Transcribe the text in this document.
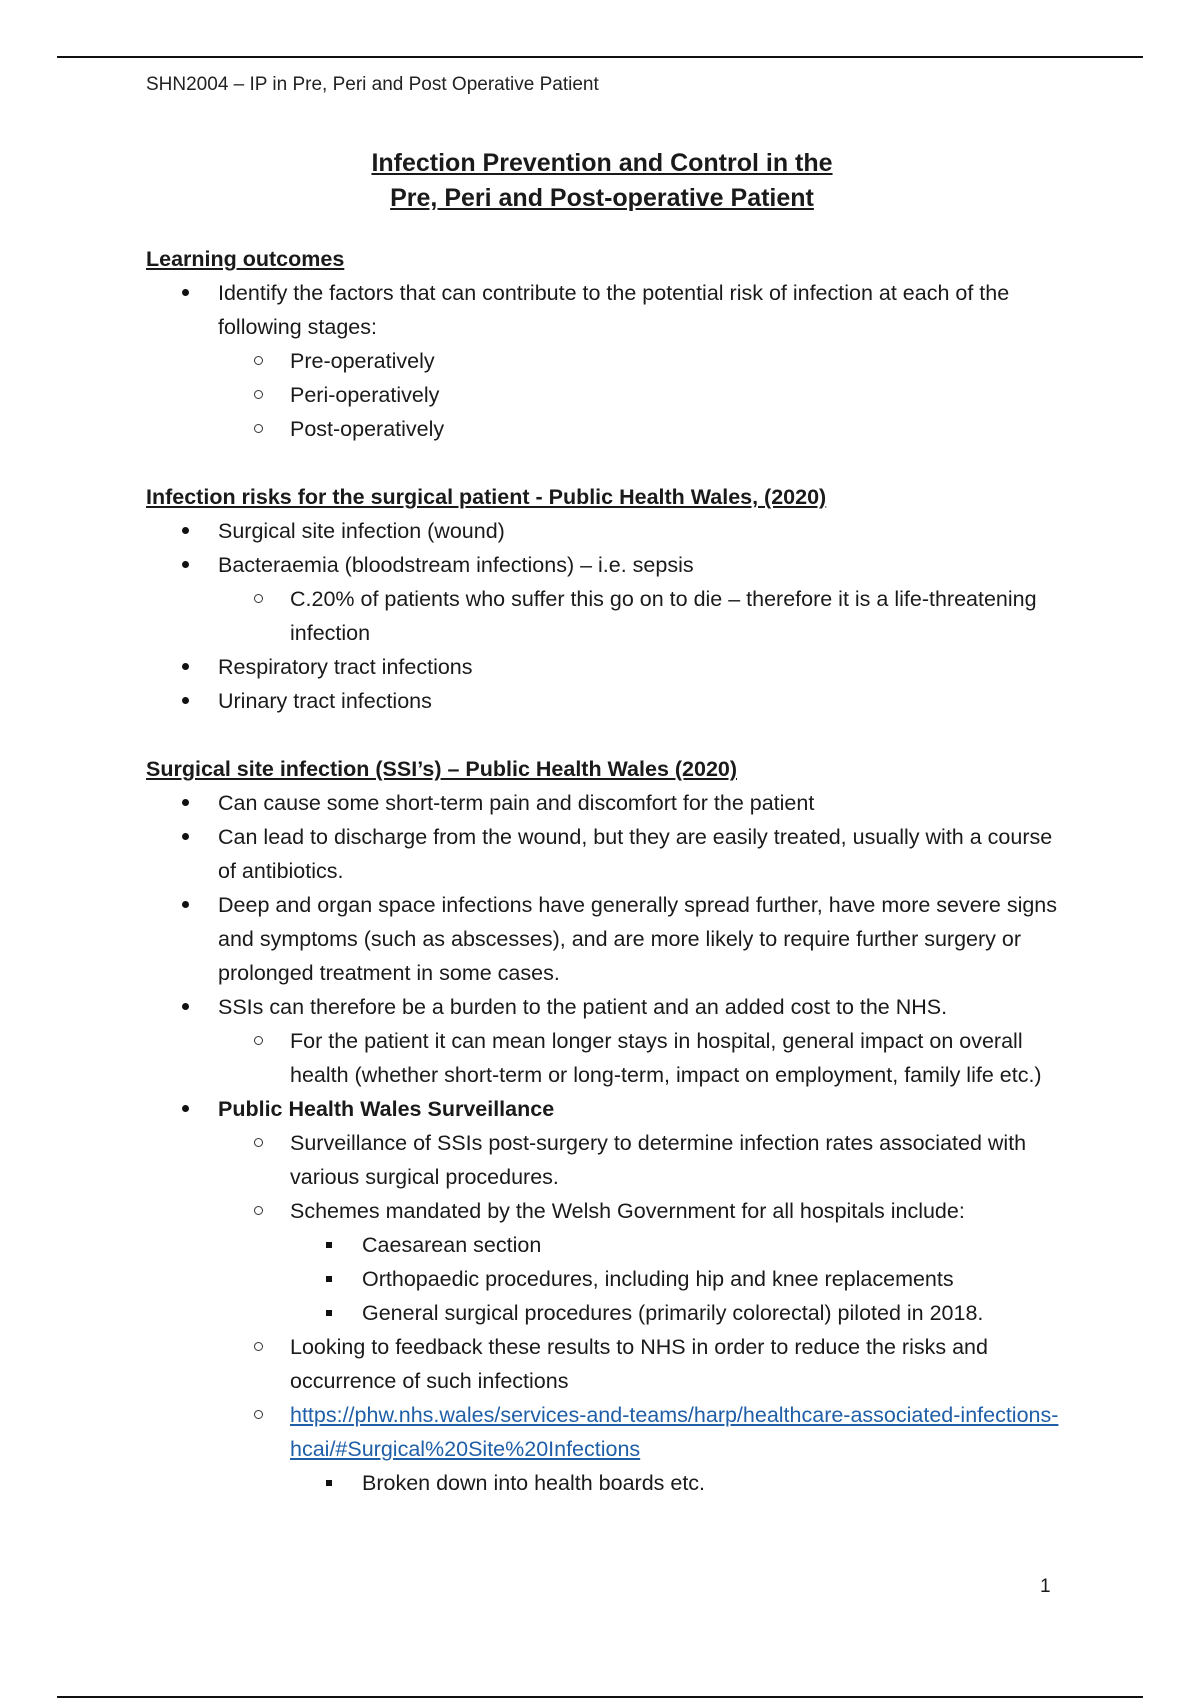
SHN2004 – IP in Pre, Peri and Post Operative Patient
Infection Prevention and Control in the
Pre, Peri and Post-operative Patient

Learning outcomes

Identify the factors that can contribute to the potential risk of infection at each of the following stages:
Pre-operatively
Peri-operatively
Post-operatively

Infection risks for the surgical patient - Public Health Wales, (2020)

Surgical site infection (wound)
Bacteraemia (bloodstream infections) – i.e. sepsis
C.20% of patients who suffer this go on to die – therefore it is a life-threatening infection
Respiratory tract infections
Urinary tract infections

Surgical site infection (SSI’s) – Public Health Wales (2020)

Can cause some short-term pain and discomfort for the patient
Can lead to discharge from the wound, but they are easily treated, usually with a course of antibiotics.
Deep and organ space infections have generally spread further, have more severe signs and symptoms (such as abscesses), and are more likely to require further surgery or prolonged treatment in some cases.
SSIs can therefore be a burden to the patient and an added cost to the NHS.
For the patient it can mean longer stays in hospital, general impact on overall health (whether short-term or long-term, impact on employment, family life etc.)
Public Health Wales Surveillance
Surveillance of SSIs post-surgery to determine infection rates associated with various surgical procedures.
Schemes mandated by the Welsh Government for all hospitals include:
Caesarean section
Orthopaedic procedures, including hip and knee replacements
General surgical procedures (primarily colorectal) piloted in 2018.
Looking to feedback these results to NHS in order to reduce the risks and occurrence of such infections
https://phw.nhs.wales/services-and-teams/harp/healthcare-associated-infections-hcai/#Surgical%20Site%20Infections
Broken down into health boards etc.
1
